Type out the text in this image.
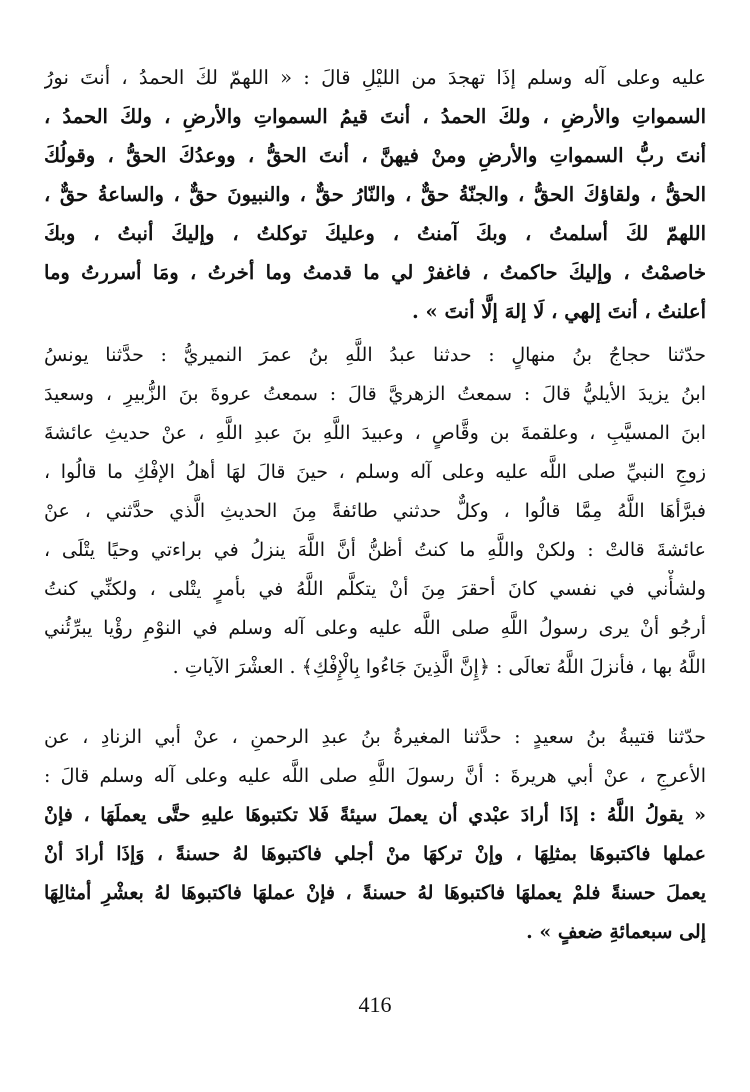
عليه وعلى آله وسلم إذَا تهجدَ من الليْلِ قالَ : « اللهمّ لكَ الحمدُ ، أنتَ نورُ
السمواتِ والأرضِ ، ولكَ الحمدُ ، أنتَ قيمُ السمواتِ والأرضِ ، ولكَ الحمدُ ،
أنتَ ربُّ السمواتِ والأرضِ ومنْ فيهنَّ ، أنتَ الحقُّ ، ووعدُكَ الحقُّ ، وقولُكَ
الحقُّ ، ولقاؤكَ الحقُّ ، والجنّةُ حقٌّ ، والنّارُ حقٌّ ، والنبيونَ حقٌّ ، والساعةُ حقٌّ ،
اللهمّ لكَ أسلمتُ ، وبكَ آمنتُ ، وعليكَ توكلتُ ، وإليكَ أنبتُ ، وبكَ
خاصمْتُ ، وإليكَ حاكمتُ ، فاغفرْ لي ما قدمتُ وما أخرتُ ، ومَا أسررتُ وما
أعلنتُ ، أنتَ إلهي ، لَا إلهَ إلَّا أنتَ » .
حدّثنا حجاجُ بنُ منهالٍ : حدثنا عبدُ اللَّهِ بنُ عمرَ النميريُّ : حدَّثنا يونسُ
ابنُ يزيدَ الأيليُّ قالَ : سمعتُ الزهريَّ قالَ : سمعتُ عروةَ بنَ الزُّبيرِ ، وسعيدَ
ابنَ المسيَّبِ ، وعلقمةَ بن وقَّاصٍ ، وعبيدَ اللَّهِ بنَ عبدِ اللَّهِ ، عنْ حديثِ عائشةَ
زوجِ النبيِّ صلى اللَّه عليه وعلى آله وسلم ، حينَ قالَ لهَا أهلُ الإفْكِ ما قالُوا ،
فبرَّأهَا اللَّهُ مِمَّا قالُوا ، وكلٌّ حدثني طائفةً مِنَ الحديثِ الَّذي حدَّثني ، عنْ
عائشةَ قالتْ : ولكنْ واللَّهِ ما كنتُ أظنُّ أنَّ اللَّهَ ينزلُ في براءتي وحيًا يتْلَى ،
ولشأْني في نفسي كانَ أحقرَ مِنَ أنْ يتكلَّم اللَّهُ في بأمرٍ يتْلى ، ولكنِّي كنتُ
أرجُو أنْ يرى رسولُ اللَّهِ صلى اللَّه عليه وعلى آله وسلم في النوْمِ رؤْيا يبرِّئُني
اللَّهُ بها ، فأنزلَ اللَّهُ تعالَى : ﴿إِنَّ الَّذِينَ جَاءُوا بِالْإِفْكِ﴾ . العشْرَ الآياتِ .
حدّثنا قتيبةُ بنُ سعيدٍ : حدَّثنا المغيرةُ بنُ عبدِ الرحمنِ ، عنْ أبي الزنادِ ، عن
الأعرجِ ، عنْ أبي هريرةَ : أنَّ رسولَ اللَّهِ صلى اللَّه عليه وعلى آله وسلم قالَ :
« يقولُ اللَّهُ : إذَا أرادَ عبْدي أن يعملَ سيئةً فَلا تكتبوهَا عليهِ حتَّى يعملَهَا ، فإنْ
عملها فاكتبوهَا بمثلِهَا ، وإنْ تركهَا منْ أجلي فاكتبوهَا لهُ حسنةً ، وَإذَا أرادَ أنْ
يعملَ حسنةً فلمْ يعملهَا فاكتبوهَا لهُ حسنةً ، فإنْ عملهَا فاكتبوهَا لهُ بعشْرِ أمثالِهَا
إلى سبعمائةِ ضعفٍ » .
416
